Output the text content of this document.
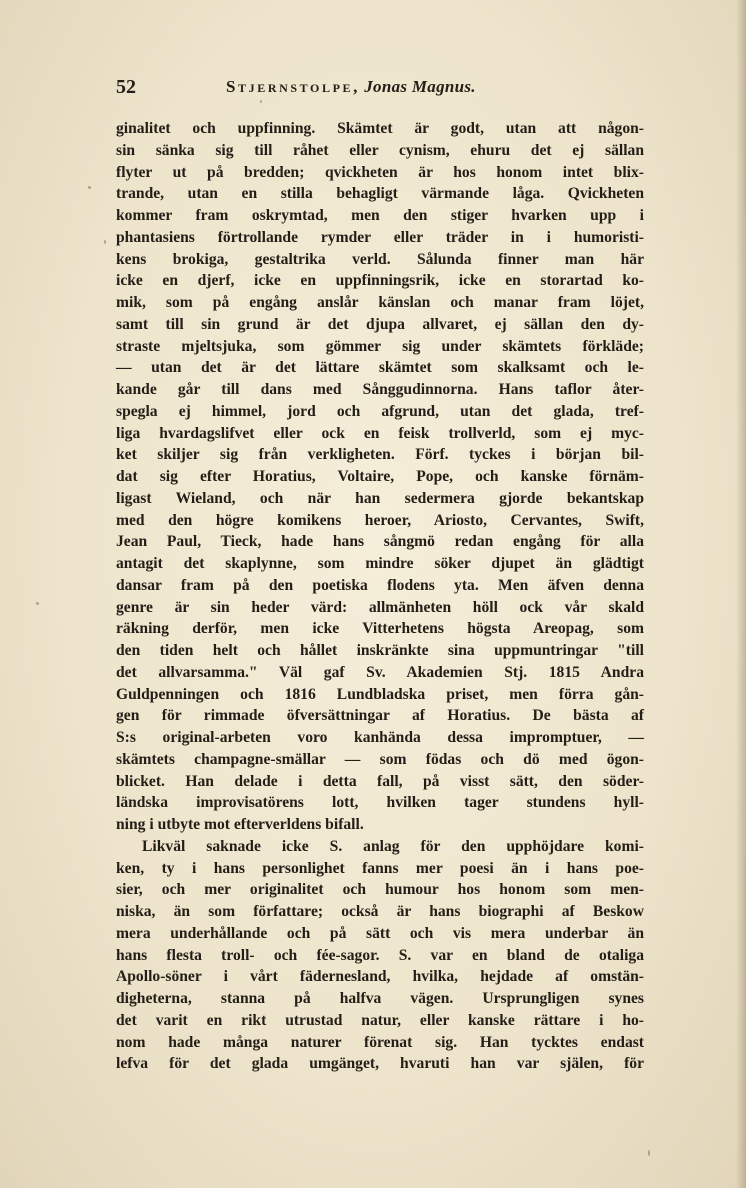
52	Stjernstolpe, Jonas Magnus.
ginalitet och uppfinning. Skämtet är godt, utan att någon-
sin sänka sig till råhet eller cynism, ehuru det ej sällan
flyter ut på bredden; qvickheten är hos honom intet blix-
trande, utan en stilla behagligt värmande låga. Qvickheten
kommer fram oskrymtad, men den stiger hvarken upp i
phantasiens förtrollande rymder eller träder in i humoristi-
kens brokiga, gestaltrika verld. Sålunda finner man här
icke en djerf, icke en uppfinningsrik, icke en storartad ko-
mik, som på engång anslår känslan och manar fram löjet,
samt till sin grund är det djupa allvaret, ej sällan den dy-
straste mjeltsjuka, som gömmer sig under skämtets förkläde;
— utan det är det lättare skämtet som skalksamt och le-
kande går till dans med Sånggudinnorna. Hans taflor åter-
spegla ej himmel, jord och afgrund, utan det glada, tref-
liga hvardagslifvet eller ock en feisk trollverld, som ej myc-
ket skiljer sig från verkligheten. Förf. tyckes i början bil-
dat sig efter Horatius, Voltaire, Pope, och kanske förnäm-
ligast Wieland, och när han sedermera gjorde bekantskap
med den högre komikens heroer, Ariosto, Cervantes, Swift,
Jean Paul, Tieck, hade hans sångmö redan engång för alla
antagit det skaplynne, som mindre söker djupet än glädtigt
dansar fram på den poetiska flodens yta. Men äfven denna
genre är sin heder värd: allmänheten höll ock vår skald
räkning derför, men icke Vitterhetens högsta Areopag, som
den tiden helt och hållet inskränkte sina uppmuntringar "till
det allvarsamma." Väl gaf Sv. Akademien Stj. 1815 Andra
Guldpenningen och 1816 Lundbladska priset, men förra gån-
gen för rimmade öfversättningar af Horatius. De bästa af
S:s original-arbeten voro kanhända dessa impromptuer, —
skämtets champagne-smällar — som födas och dö med ögon-
blicket. Han delade i detta fall, på visst sätt, den söder-
ländska improvisatörens lott, hvilken tager stundens hyll-
ning i utbyte mot efterverldens bifall.
Likväl saknade icke S. anlag för den upphöjdare komi-
ken, ty i hans personlighet fanns mer poesi än i hans poe-
sier, och mer originalitet och humour hos honom som men-
niska, än som författare; också är hans biographi af Beskow
mera underhållande och på sätt och vis mera underbar än
hans flesta troll- och fée-sagor. S. var en bland de otaliga
Apollo-söner i vårt fädernesland, hvilka, hejdade af omstän-
digheterna, stanna på halfva vägen. Ursprungligen synes
det varit en rikt utrustad natur, eller kanske rättare i ho-
nom hade många naturer förenat sig. Han tycktes endast
lefva för det glada umgänget, hvaruti han var själen, för
